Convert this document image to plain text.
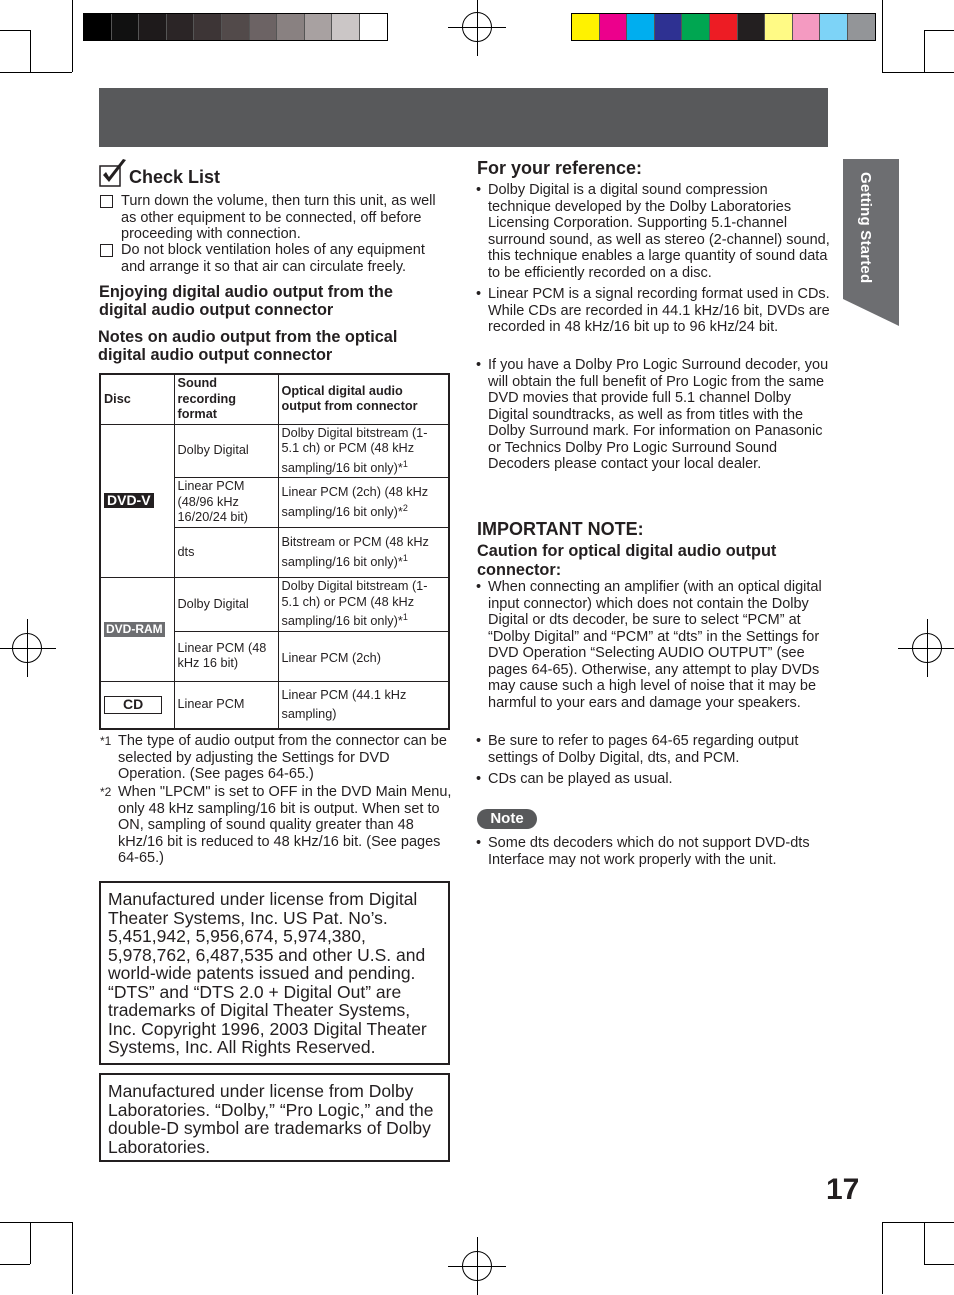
Getting Started
Check List
Turn down the volume, then turn this unit, as well as other equipment to be connected, off before proceeding with connection.
Do not block ventilation holes of any equipment and arrange it so that air can circulate freely.
Enjoying digital audio output from the digital audio output connector
Notes on audio output from the optical digital audio output connector
Disc	Sound recording format	Optical digital audio output from connector
DVD-V	Dolby Digital	Dolby Digital bitstream (1-5.1 ch) or PCM (48 kHz sampling/16 bit only)*$^1$
	Linear PCM (48/96 kHz 16/20/24 bit)	Linear PCM (2ch) (48 kHz sampling/16 bit only)*$^2$
	dts	Bitstream or PCM (48 kHz sampling/16 bit only)*$^1$
DVD-RAM	Dolby Digital	Dolby Digital bitstream (1-5.1 ch) or PCM (48 kHz sampling/16 bit only)*$^1$
	Linear PCM (48 kHz 16 bit)	Linear PCM (2ch)
CD	Linear PCM	Linear PCM (44.1 kHz sampling)
*1 The type of audio output from the connector can be selected by adjusting the Settings for DVD Operation. (See pages 64-65.)
*2 When "LPCM" is set to OFF in the DVD Main Menu, only 48 kHz sampling/16 bit is output. When set to ON, sampling of sound quality greater than 48 kHz/16 bit is reduced to 48 kHz/16 bit. (See pages 64-65.)
Manufactured under license from Digital Theater Systems, Inc. US Pat. No’s. 5,451,942, 5,956,674, 5,974,380, 5,978,762, 6,487,535 and other U.S. and world-wide patents issued and pending. “DTS” and “DTS 2.0 + Digital Out” are trademarks of Digital Theater Systems, Inc. Copyright 1996, 2003 Digital Theater Systems, Inc. All Rights Reserved.
Manufactured under license from Dolby Laboratories. “Dolby,” “Pro Logic,” and the double-D symbol are trademarks of Dolby Laboratories.
For your reference:
• Dolby Digital is a digital sound compression technique developed by the Dolby Laboratories Licensing Corporation. Supporting 5.1-channel surround sound, as well as stereo (2-channel) sound, this technique enables a large quantity of sound data to be efficiently recorded on a disc.
• Linear PCM is a signal recording format used in CDs. While CDs are recorded in 44.1 kHz/16 bit, DVDs are recorded in 48 kHz/16 bit up to 96 kHz/24 bit.
• If you have a Dolby Pro Logic Surround decoder, you will obtain the full benefit of Pro Logic from the same DVD movies that provide full 5.1 channel Dolby Digital soundtracks, as well as from titles with the Dolby Surround mark. For information on Panasonic or Technics Dolby Pro Logic Surround Sound Decoders please contact your local dealer.
IMPORTANT NOTE:
Caution for optical digital audio output connector:
• When connecting an amplifier (with an optical digital input connector) which does not contain the Dolby Digital or dts decoder, be sure to select “PCM” at “Dolby Digital” and “PCM” at “dts” in the Settings for DVD Operation “Selecting AUDIO OUTPUT” (see pages 64-65). Otherwise, any attempt to play DVDs may cause such a high level of noise that it may be harmful to your ears and damage your speakers.
• Be sure to refer to pages 64-65 regarding output settings of Dolby Digital, dts, and PCM.
• CDs can be played as usual.
Note
• Some dts decoders which do not support DVD-dts Interface may not work properly with the unit.
17
